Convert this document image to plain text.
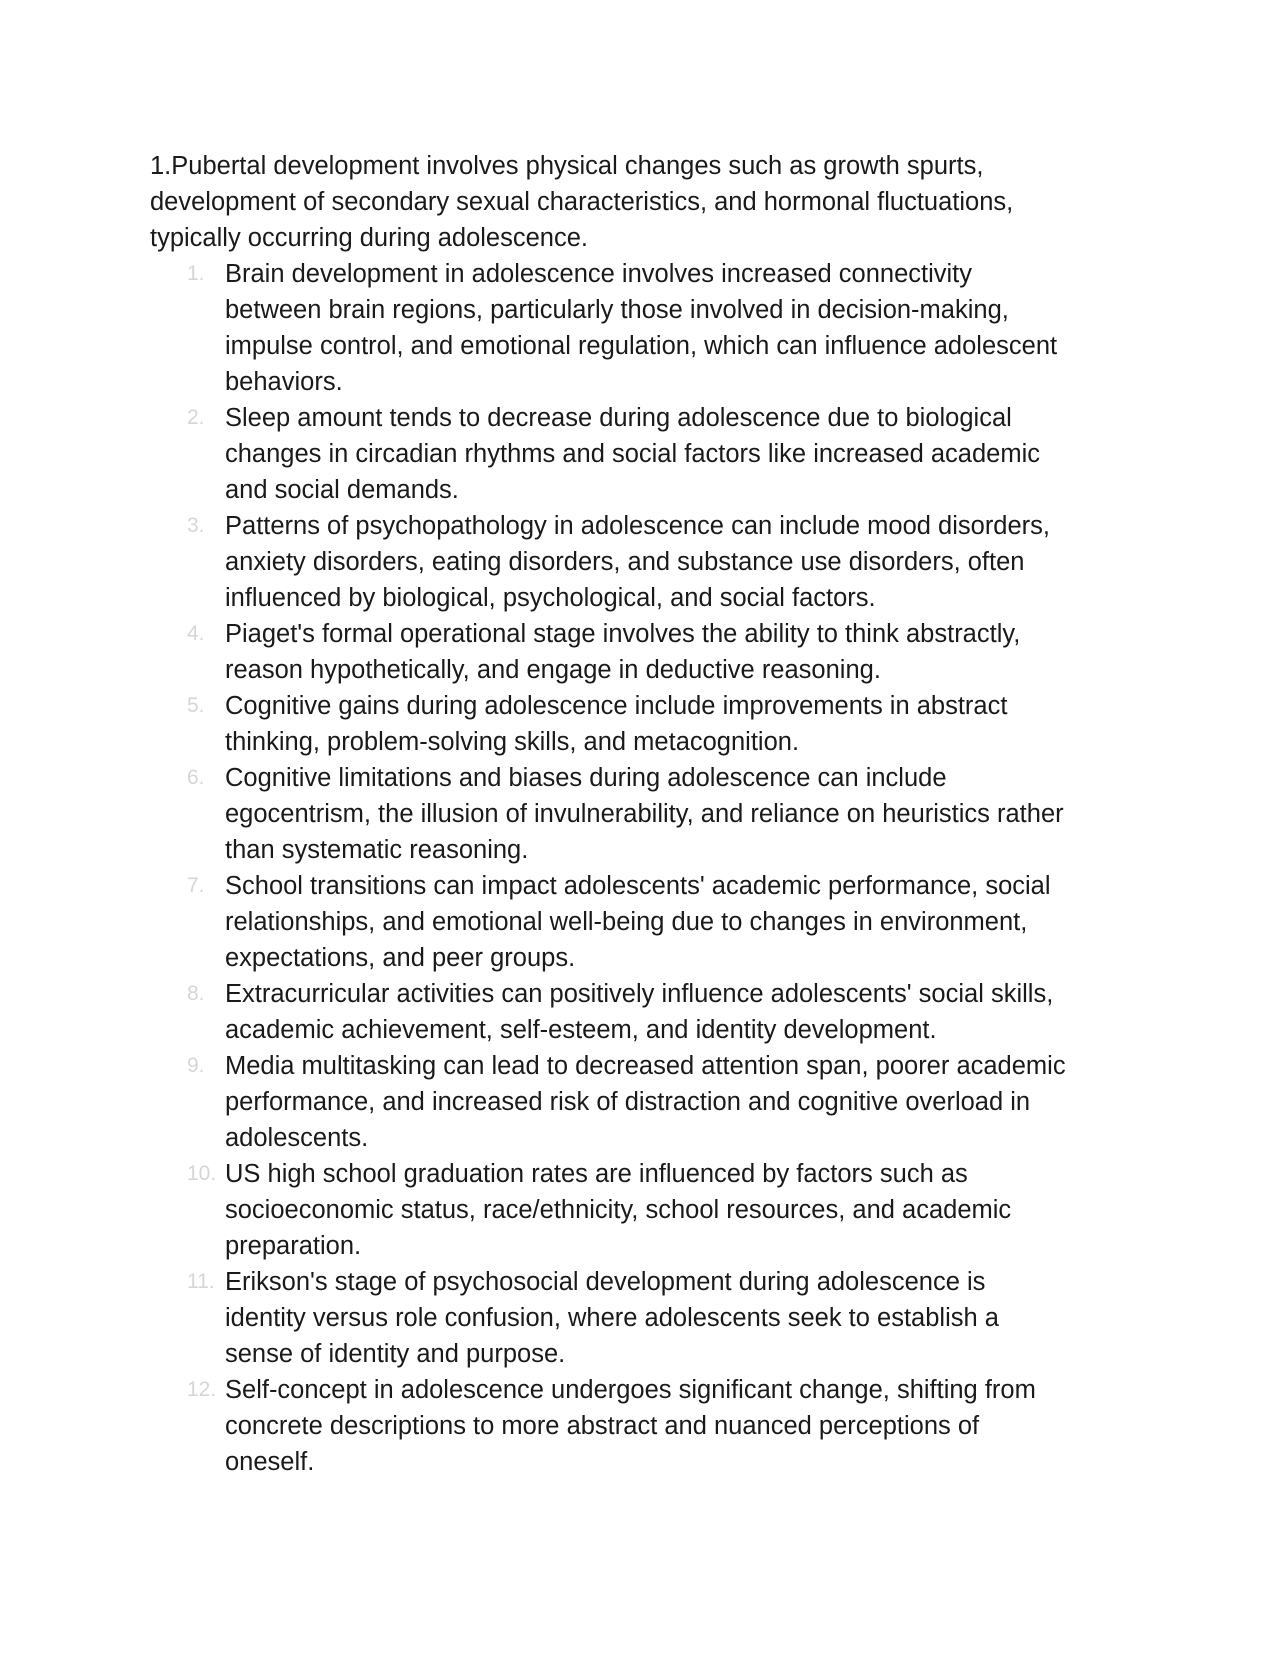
1.Pubertal development involves physical changes such as growth spurts,
development of secondary sexual characteristics, and hormonal fluctuations,
typically occurring during adolescence.

1. Brain development in adolescence involves increased connectivity
between brain regions, particularly those involved in decision-making,
impulse control, and emotional regulation, which can influence adolescent
behaviors.
2. Sleep amount tends to decrease during adolescence due to biological
changes in circadian rhythms and social factors like increased academic
and social demands.
3. Patterns of psychopathology in adolescence can include mood disorders,
anxiety disorders, eating disorders, and substance use disorders, often
influenced by biological, psychological, and social factors.
4. Piaget's formal operational stage involves the ability to think abstractly,
reason hypothetically, and engage in deductive reasoning.
5. Cognitive gains during adolescence include improvements in abstract
thinking, problem-solving skills, and metacognition.
6. Cognitive limitations and biases during adolescence can include
egocentrism, the illusion of invulnerability, and reliance on heuristics rather
than systematic reasoning.
7. School transitions can impact adolescents' academic performance, social
relationships, and emotional well-being due to changes in environment,
expectations, and peer groups.
8. Extracurricular activities can positively influence adolescents' social skills,
academic achievement, self-esteem, and identity development.
9. Media multitasking can lead to decreased attention span, poorer academic
performance, and increased risk of distraction and cognitive overload in
adolescents.
10. US high school graduation rates are influenced by factors such as
socioeconomic status, race/ethnicity, school resources, and academic
preparation.
11. Erikson's stage of psychosocial development during adolescence is
identity versus role confusion, where adolescents seek to establish a
sense of identity and purpose.
12. Self-concept in adolescence undergoes significant change, shifting from
concrete descriptions to more abstract and nuanced perceptions of
oneself.
